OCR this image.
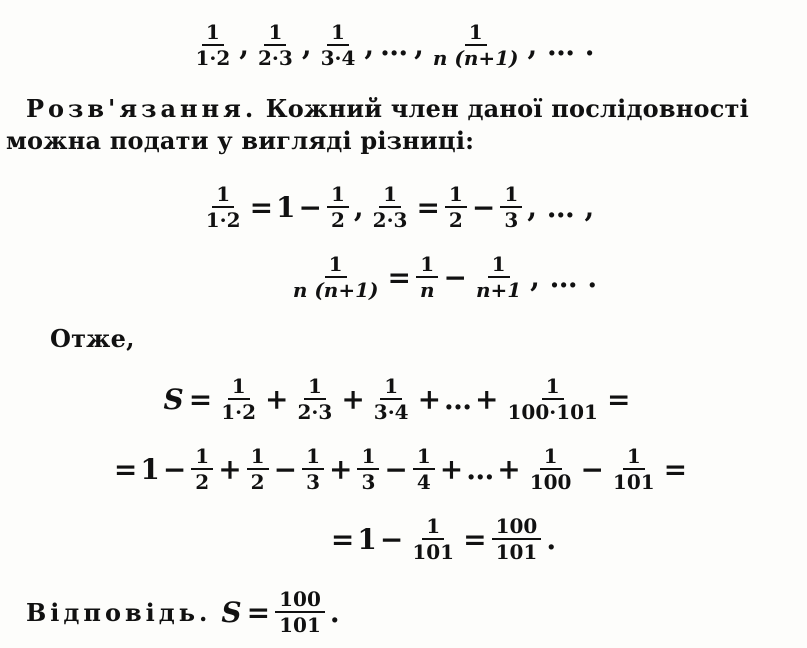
$\frac{1}{1\cdot 2}$ , $\frac{1}{2\cdot 3}$ , $\frac{1}{3\cdot 4}$ , … , $\frac{1}{n (n+1)}$ , … .
Розв'язання. Кожний член даної послідовності
можна подати у вигляді різниці:
$\frac{1}{1\cdot 2} = 1 - \frac{1}{2}$ , $\frac{1}{2\cdot 3} = \frac{1}{2} - \frac{1}{3}$ , … ,
$\frac{1}{n (n+1)} = \frac{1}{n} - \frac{1}{n+1}$ , … .
Отже,
$S = \frac{1}{1\cdot 2} + \frac{1}{2\cdot 3} + \frac{1}{3\cdot 4}$ + … + $\frac{1}{100\cdot 101}$ =
= $1 - \frac{1}{2} + \frac{1}{2} - \frac{1}{3} + \frac{1}{3} - \frac{1}{4}$ + … + $\frac{1}{100} - \frac{1}{101}$ =
= $1 - \frac{1}{101} = \frac{100}{101}$ .
Відповідь. $S = \frac{100}{101}$ .
